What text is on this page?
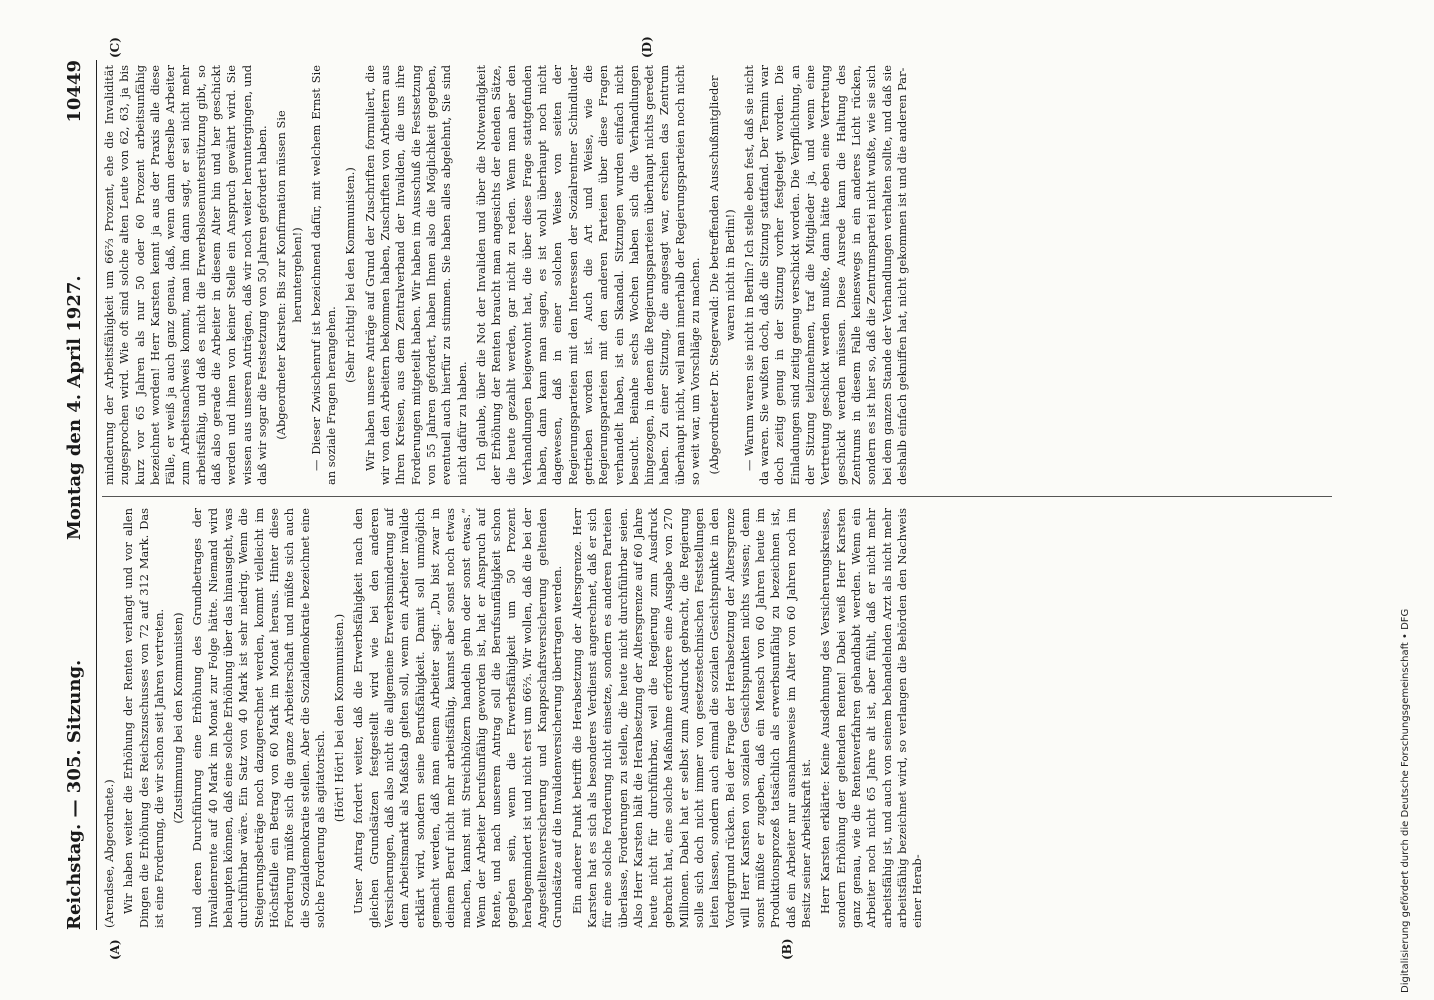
Reichstag. — 305. Sitzung.
Montag den 4. April 1927.
10449
(A)	(B)
(C)	(D)

(Arendsee, Abgeordnete.) Wir haben weiter die Erhöhung der Renten verlangt und vor allen Dingen die Erhöhung des Reichszuschusses von 72 auf 312 Mark. Das ist eine Forderung, die wir schon seit Jahren vertreten. (Zustimmung bei den Kommunisten) und deren Durchführung eine Erhöhung des Grundbetrages der Invalidenrente auf 40 Mark im Monat zur Folge hätte. Niemand wird behaupten können, daß eine solche Erhöhung über das hinausgeht, was durchführbar wäre. Ein Satz von 40 Mark ist sehr niedrig. Wenn die Steigerungsbeträge noch dazugerechnet werden, kommt vielleicht im Höchstfalle ein Betrag von 60 Mark im Monat heraus. Hinter diese Forderung müßte sich die ganze Arbeiterschaft und müßte sich auch die Sozialdemokratie stellen. Aber die Sozialdemokratie bezeichnet eine solche Forderung als agitatorisch.

(Hört! Hört! bei den Kommunisten.) Unser Antrag fordert weiter, daß die Erwerbsfähigkeit nach den gleichen Grundsätzen festgestellt wird wie bei den anderen Versicherungen, daß also nicht die allgemeine Erwerbsminderung auf dem Arbeitsmarkt als Maßstab gelten soll, wenn ein Arbeiter invalide erklärt wird, sondern seine Berufsfähigkeit. Damit soll unmöglich gemacht werden, daß man einem Arbeiter sagt: „Du bist zwar in deinem Beruf nicht mehr arbeitsfähig, kannst aber sonst noch etwas machen, kannst mit Streichhölzern handeln gehn oder sonst etwas.“ Wenn der Arbeiter berufsunfähig geworden ist, hat er Anspruch auf Rente, und nach unserem Antrag soll die Berufsunfähigkeit schon gegeben sein, wenn die Erwerbsfähigkeit um 50 Prozent herabgemindert ist und nicht erst um 66⅔. Wir wollen, daß die bei der Angestelltenversicherung und Knappschaftsversicherung geltenden Grundsätze auf die Invalidenversicherung übertragen werden. Ein anderer Punkt betrifft die Herabsetzung der Altersgrenze. Herr Karsten hat es sich als besonderes Verdienst angerechnet, daß er sich für eine solche Forderung nicht einsetze, sondern es anderen Parteien überlasse, Forderungen zu stellen, die heute nicht durchführbar seien. Also Herr Karsten hält die Herabsetzung der Altersgrenze auf 60 Jahre heute nicht für durchführbar, weil die Regierung zum Ausdruck gebracht hat, eine solche Maßnahme erfordere eine Ausgabe von 270 Millionen. Dabei hat er selbst zum Ausdruck gebracht, die Regierung solle sich doch nicht immer von gesetzestechnischen Feststellungen leiten lassen, sondern auch einmal die sozialen Gesichtspunkte in den Vordergrund rücken. Bei der Frage der Herabsetzung der Altersgrenze will Herr Karsten von sozialen Gesichtspunkten nichts wissen; denn sonst müßte er zugeben, daß ein Mensch von 60 Jahren heute im Produktionsprozeß tatsächlich als erwerbsunfähig zu bezeichnen ist, daß ein Arbeiter nur ausnahmsweise im Alter von 60 Jahren noch im Besitz seiner Arbeitskraft ist. Herr Karsten erklärte: Keine Ausdehnung des Versicherungskreises, sondern Erhöhung der geltenden Renten! Dabei weiß Herr Karsten ganz genau, wie die Rentenverfahren gehandhabt werden. Wenn ein Arbeiter noch nicht 65 Jahre alt ist, aber fühlt, daß er nicht mehr arbeitsfähig ist, und auch von seinem behandelnden Arzt als nicht mehr arbeitsfähig bezeichnet wird, so verlangen die Behörden den Nachweis einer Herab-

minderung der Arbeitsfähigkeit um 66⅔ Prozent, ehe die Invalidität zugesprochen wird. Wie oft sind solche alten Leute von 62, 63, ja bis kurz vor 65 Jahren als nur 50 oder 60 Prozent arbeitsunfähig bezeichnet worden! Herr Karsten kennt ja aus der Praxis alle diese Fälle, er weiß ja auch ganz genau, daß, wenn dann derselbe Arbeiter zum Arbeitsnachweis kommt, man ihm dann sagt, er sei nicht mehr arbeitsfähig, und daß es nicht die Erwerbslosenunterstützung gibt, so daß also gerade die Arbeiter in diesem Alter hin und her geschickt werden und ihnen von keiner Stelle ein Anspruch gewährt wird. Sie wissen aus unseren Anträgen, daß wir noch weiter heruntergingen, und daß wir sogar die Festsetzung von 50 Jahren gefordert haben. (Abgeordneter Karsten: Bis zur Konfirmation müssen Sie heruntergehen!) — Dieser Zwischenruf ist bezeichnend dafür, mit welchem Ernst Sie an soziale Fragen herangehen.

(Sehr richtig! bei den Kommunisten.) Wir haben unsere Anträge auf Grund der Zuschriften formuliert, die wir von den Arbeitern bekommen haben, Zuschriften von Arbeitern aus Ihren Kreisen, aus dem Zentralverband der Invaliden, die uns ihre Forderungen mitgeteilt haben. Wir haben im Ausschuß die Festsetzung von 55 Jahren gefordert, haben Ihnen also die Möglichkeit gegeben, eventuell auch hierfür zu stimmen. Sie haben alles abgelehnt, Sie sind nicht dafür zu haben. Ich glaube, über die Not der Invaliden und über die Notwendigkeit der Erhöhung der Renten braucht man angesichts der elenden Sätze, die heute gezahlt werden, gar nicht zu reden. Wenn man aber den Verhandlungen beigewohnt hat, die über diese Frage stattgefunden haben, dann kann man sagen, es ist wohl überhaupt noch nicht dagewesen, daß in einer solchen Weise von seiten der Regierungsparteien mit den Interessen der Sozialrentner Schindluder getrieben worden ist. Auch die Art und Weise, wie die Regierungsparteien mit den anderen Parteien über diese Fragen verhandelt haben, ist ein Skandal. Sitzungen wurden einfach nicht besucht. Beinahe sechs Wochen haben sich die Verhandlungen hingezogen, in denen die Regierungsparteien überhaupt nichts geredet haben. Zu einer Sitzung, die angesagt war, erschien das Zentrum überhaupt nicht, weil man innerhalb der Regierungsparteien noch nicht so weit war, um Vorschläge zu machen. (Abgeordneter Dr. Stegerwald: Die betreffenden Ausschußmitglieder waren nicht in Berlin!) — Warum waren sie nicht in Berlin? Ich stelle eben fest, daß sie nicht da waren. Sie wußten doch, daß die Sitzung stattfand. Der Termin war doch zeitig genug in der Sitzung vorher festgelegt worden. Die Einladungen sind zeitig genug verschickt worden. Die Verpflichtung, an der Sitzung teilzunehmen, traf die Mitglieder ja, und wenn eine Vertretung geschickt werden mußte, dann hätte eben eine Vertretung geschickt werden müssen. Diese Ausrede kann die Haltung des Zentrums in diesem Falle keineswegs in ein anderes Licht rücken, sondern es ist hier so, daß die Zentrumspartei nicht wußte, wie sie sich bei dem ganzen Stande der Verhandlungen verhalten sollte, und daß sie deshalb einfach gekniffen hat, nicht gekommen ist und die anderen Par-

Digitalisierung gefördert durch die Deutsche Forschungsgemeinschaft • DFG
